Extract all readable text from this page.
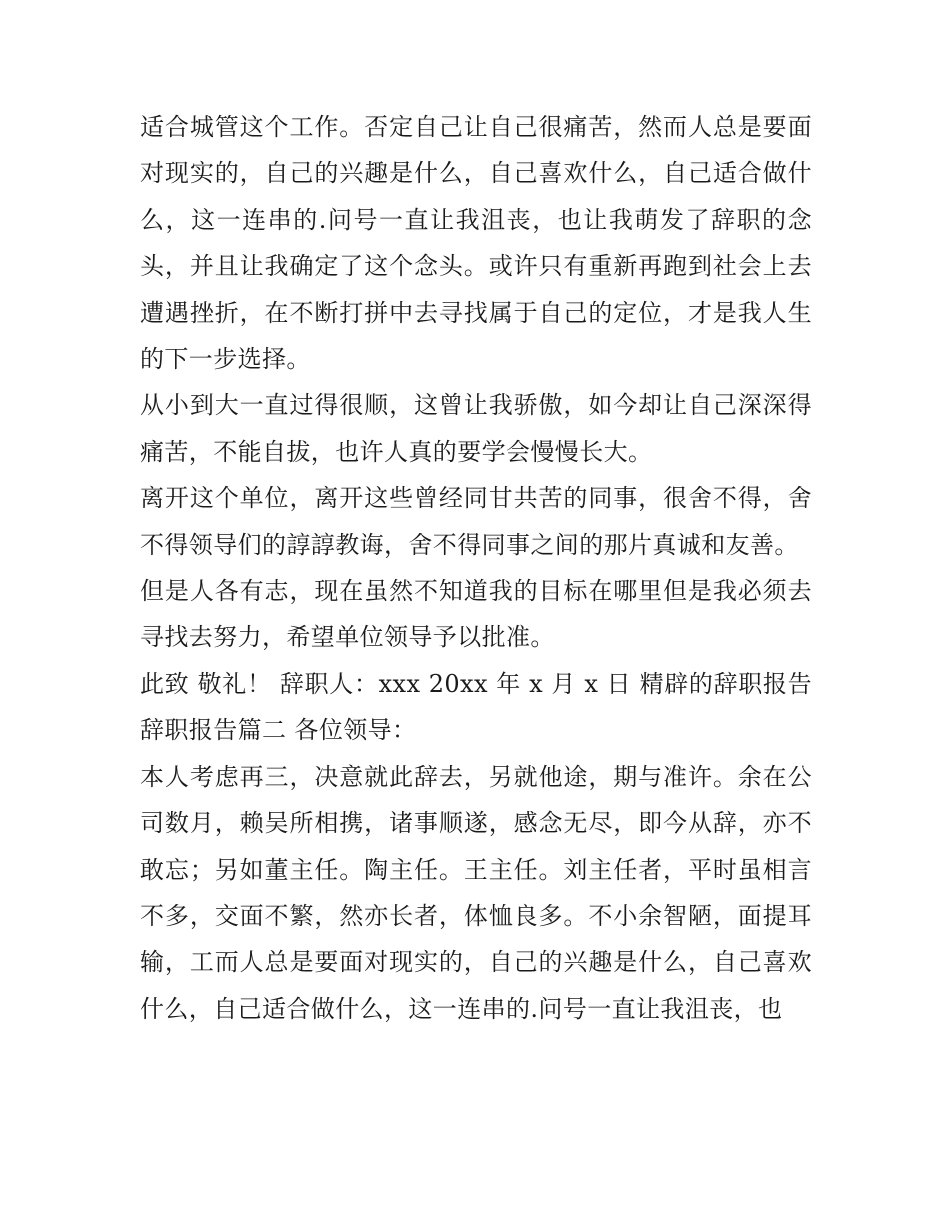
适合城管这个工作。否定自己让自己很痛苦，然而人总是要面对现实的，自己的兴趣是什么，自己喜欢什么，自己适合做什么，这一连串的.问号一直让我沮丧，也让我萌发了辞职的念头，并且让我确定了这个念头。或许只有重新再跑到社会上去遭遇挫折，在不断打拼中去寻找属于自己的定位，才是我人生的下一步选择。

从小到大一直过得很顺，这曾让我骄傲，如今却让自己深深得痛苦，不能自拔，也许人真的要学会慢慢长大。

离开这个单位，离开这些曾经同甘共苦的同事，很舍不得，舍不得领导们的諄諄教诲，舍不得同事之间的那片真诚和友善。

但是人各有志，现在虽然不知道我的目标在哪里但是我必须去寻找去努力，希望单位领导予以批准。

此致 敬礼！ 辞职人：xxx 20xx 年 x 月 x 日 精辟的辞职报告 辞职报告篇二 各位领导：

本人考虑再三，决意就此辞去，另就他途，期与准许。余在公司数月，赖吴所相携，诸事顺遂，感念无尽，即今从辞，亦不敢忘；另如董主任。陶主任。王主任。刘主任者，平时虽相言不多，交面不繁，然亦长者，体恤良多。不小余智陋，面提耳输，工而人总是要面对现实的，自己的兴趣是什么，自己喜欢什么，自己适合做什么，这一连串的.问号一直让我沮丧，也
